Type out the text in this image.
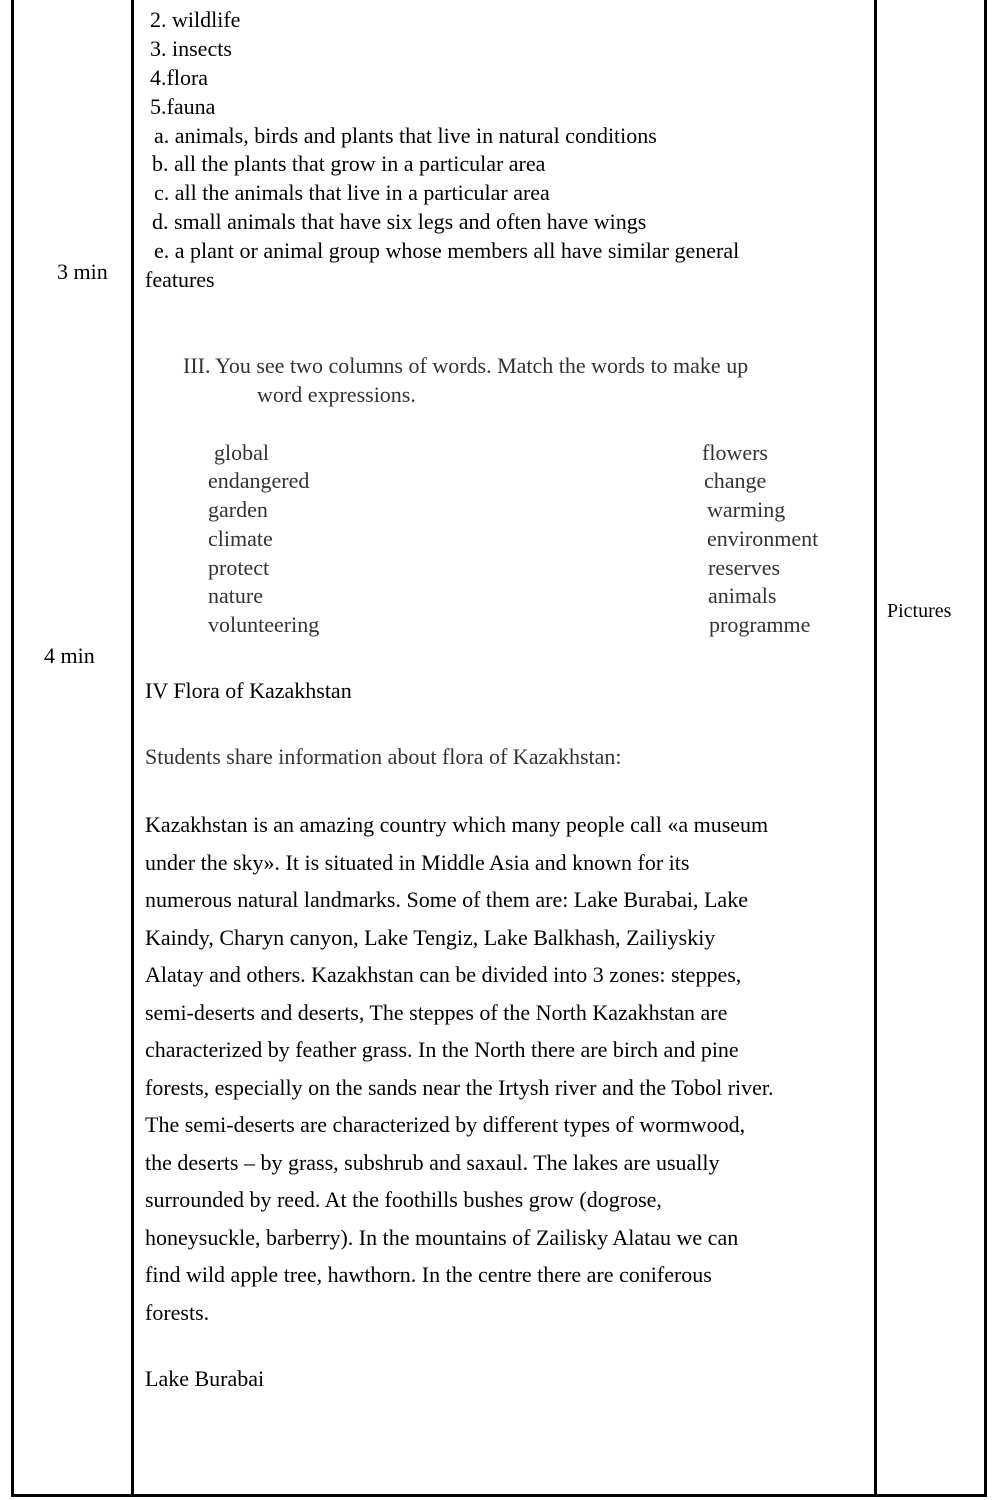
3 min
4 min
Pictures
2. wildlife
3. insects
4.flora
5.fauna
a. animals, birds and plants that live in natural conditions
b. all the plants that grow in a particular area
c. all the animals that live in a particular area
d. small animals that have six legs and often have wings
e. a plant or animal group whose members all have similar general
features
III. You see two columns of words. Match the words to make up
word expressions.
global
endangered
garden
climate
protect
nature
volunteering
flowers
change
warming
environment
reserves
animals
programme
IV Flora of Kazakhstan
Students share information about flora of Kazakhstan:
Kazakhstan is an amazing country which many people call «a museum
under the sky». It is situated in Middle Asia and known for its
numerous natural landmarks. Some of them are: Lake Burabai, Lake
Kaindy, Charyn canyon, Lake Tengiz, Lake Balkhash, Zailiyskiy
Alatay and others. Kazakhstan can be divided into 3 zones: steppes,
semi-deserts and deserts, The steppes of the North Kazakhstan are
characterized by feather grass. In the North there are birch and pine
forests, especially on the sands near the Irtysh river and the Tobol river.
The semi-deserts are characterized by different types of wormwood,
the deserts – by grass, subshrub and saxaul. The lakes are usually
surrounded by reed. At the foothills bushes grow (dogrose,
honeysuckle, barberry). In the mountains of Zailisky Alatau we can
find wild apple tree, hawthorn. In the centre there are coniferous
forests.
Lake Burabai
